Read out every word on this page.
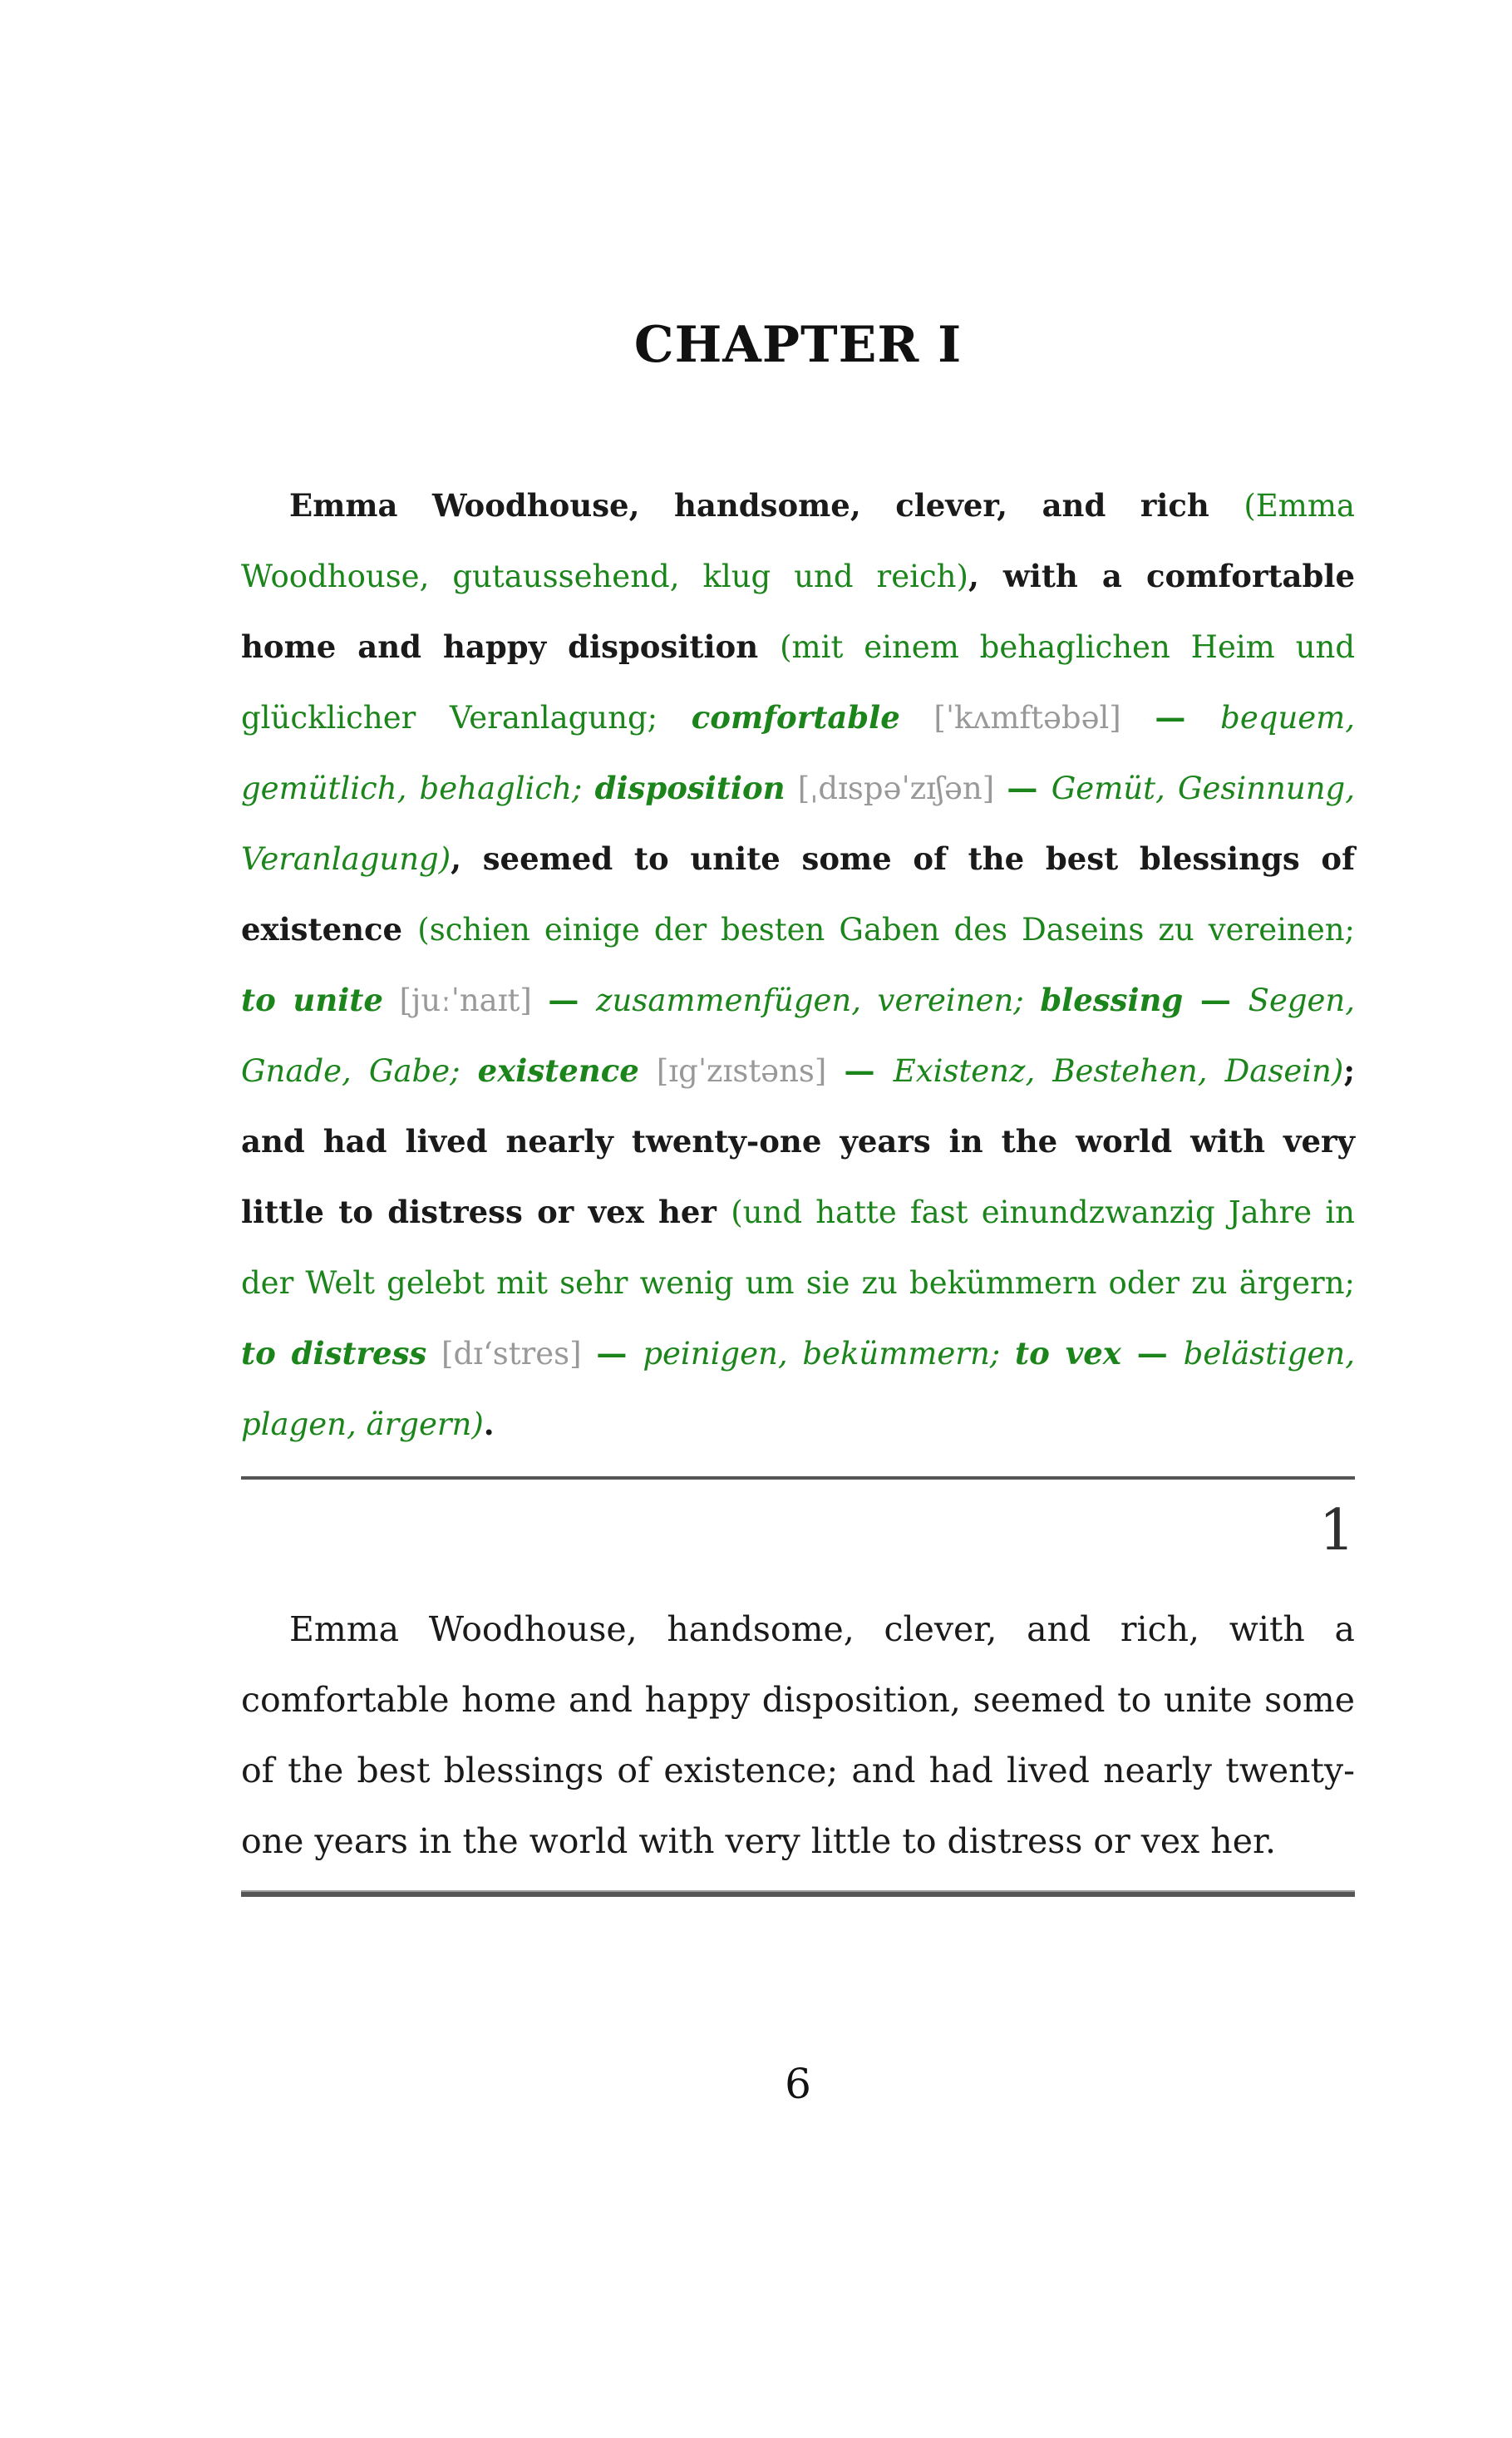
CHAPTER I

Emma Woodhouse, handsome, clever, and rich (Emma Woodhouse, gutaussehend, klug und reich), with a comfortable home and happy disposition (mit einem behaglichen Heim und glücklicher Veranlagung; comfortable [ˈkʌmftəbəl] — bequem, gemütlich, behaglich; disposition [ˌdɪspəˈzɪʃən] — Gemüt, Gesinnung, Veranlagung), seemed to unite some of the best blessings of existence (schien einige der besten Gaben des Daseins zu vereinen; to unite [juːˈnaɪt] — zusammenfügen, vereinen; blessing — Segen, Gnade, Gabe; existence [ɪgˈzɪstəns] — Existenz, Bestehen, Dasein); and had lived nearly twenty-one years in the world with very little to distress or vex her (und hatte fast einundzwanzig Jahre in der Welt gelebt mit sehr wenig um sie zu bekümmern oder zu ärgern; to distress [dɪ‘stres] — peinigen, bekümmern; to vex — belästigen, plagen, ärgern).

1

Emma Woodhouse, handsome, clever, and rich, with a comfortable home and happy disposition, seemed to unite some of the best blessings of existence; and had lived nearly twenty-one years in the world with very little to distress or vex her.

6
